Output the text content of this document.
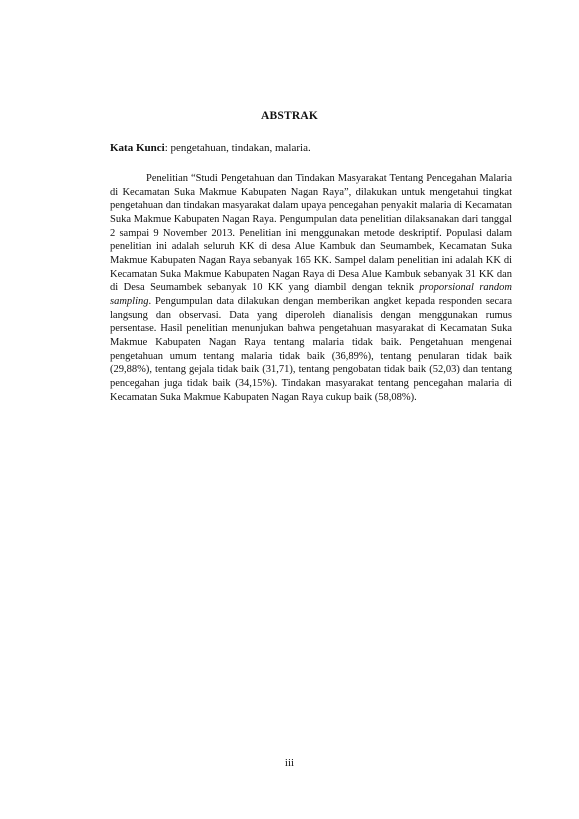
ABSTRAK
Kata Kunci: pengetahuan, tindakan, malaria.

Penelitian “Studi Pengetahuan dan Tindakan Masyarakat Tentang Pencegahan Malaria di Kecamatan Suka Makmue Kabupaten Nagan Raya”, dilakukan untuk mengetahui tingkat pengetahuan dan tindakan masyarakat dalam upaya pencegahan penyakit malaria di Kecamatan Suka Makmue Kabupaten Nagan Raya. Pengumpulan data penelitian dilaksanakan dari tanggal 2 sampai 9 November 2013. Penelitian ini menggunakan metode deskriptif. Populasi dalam penelitian ini adalah seluruh KK di desa Alue Kambuk dan Seumambek, Kecamatan Suka Makmue Kabupaten Nagan Raya sebanyak 165 KK. Sampel dalam penelitian ini adalah KK di Kecamatan Suka Makmue Kabupaten Nagan Raya di Desa Alue Kambuk sebanyak 31 KK dan di Desa Seumambek sebanyak 10 KK yang diambil dengan teknik proporsional random sampling. Pengumpulan data dilakukan dengan memberikan angket kepada responden secara langsung dan observasi. Data yang diperoleh dianalisis dengan menggunakan rumus persentase. Hasil penelitian menunjukan bahwa pengetahuan masyarakat di Kecamatan Suka Makmue Kabupaten Nagan Raya tentang malaria tidak baik. Pengetahuan mengenai pengetahuan umum tentang malaria tidak baik (36,89%), tentang penularan tidak baik (29,88%), tentang gejala tidak baik (31,71), tentang pengobatan tidak baik (52,03) dan tentang pencegahan juga tidak baik (34,15%). Tindakan masyarakat tentang pencegahan malaria di Kecamatan Suka Makmue Kabupaten Nagan Raya cukup baik (58,08%).

iii
